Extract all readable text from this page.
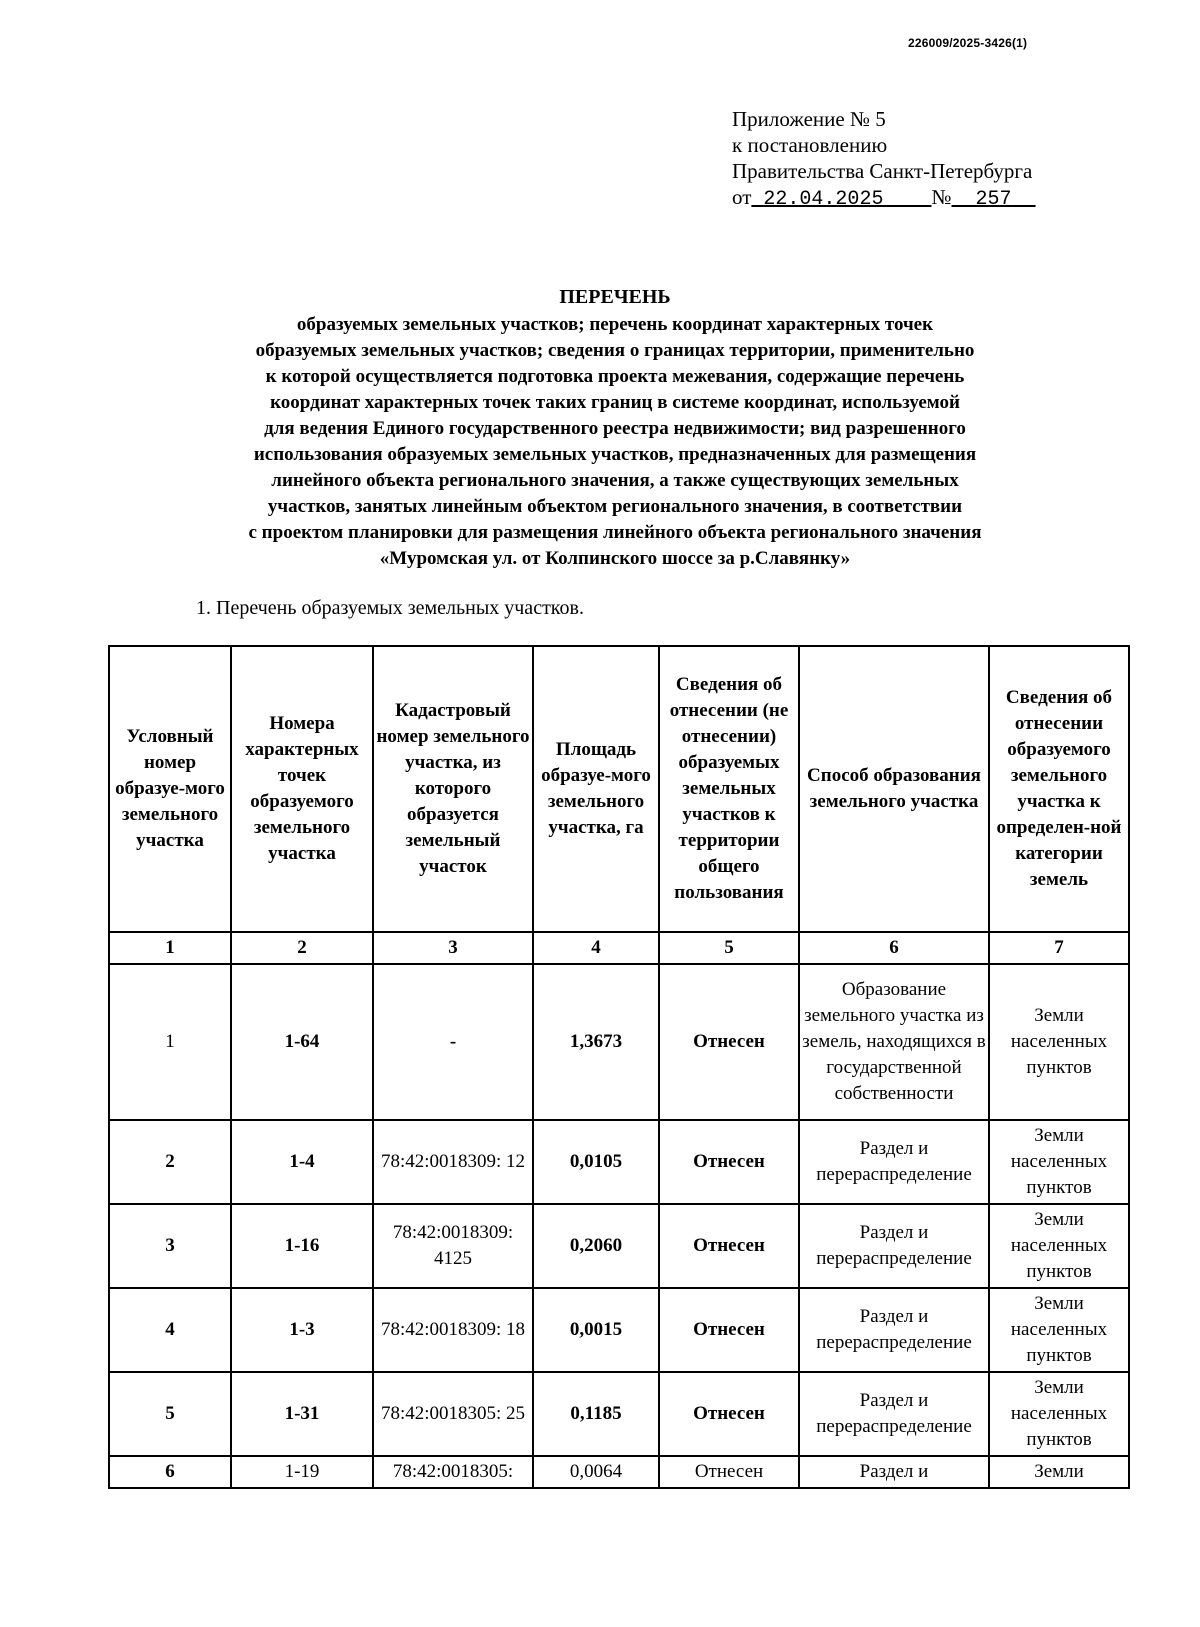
226009/2025-3426(1)
Приложение № 5
к постановлению
Правительства Санкт-Петербурга
от 22.04.2025 № 257
ПЕРЕЧЕНЬ
образуемых земельных участков; перечень координат характерных точек
образуемых земельных участков; сведения о границах территории, применительно
к которой осуществляется подготовка проекта межевания, содержащие перечень
координат характерных точек таких границ в системе координат, используемой
для ведения Единого государственного реестра недвижимости; вид разрешенного
использования образуемых земельных участков, предназначенных для размещения
линейного объекта регионального значения, а также существующих земельных
участков, занятых линейным объектом регионального значения, в соответствии
с проектом планировки для размещения линейного объекта регионального значения
«Муромская ул. от Колпинского шоссе за р.Славянку»
1. Перечень образуемых земельных участков.
Условный номер образуе-мого земельного участка	Номера характерных точек образуемого земельного участка	Кадастровый номер земельного участка, из которого образуется земельный участок	Площадь образуе-мого земельного участка, га	Сведения об отнесении (не отнесении) образуемых земельных участков к территории общего пользования	Способ образования земельного участка	Сведения об отнесении образуемого земельного участка к определен-ной категории земель
1	2	3	4	5	6	7
1	1-64	-	1,3673	Отнесен	Образование земельного участка из земель, находящихся в государственной собственности	Земли населенных пунктов
2	1-4	78:42:0018309: 12	0,0105	Отнесен	Раздел и перераспределение	Земли населенных пунктов
3	1-16	78:42:0018309: 4125	0,2060	Отнесен	Раздел и перераспределение	Земли населенных пунктов
4	1-3	78:42:0018309: 18	0,0015	Отнесен	Раздел и перераспределение	Земли населенных пунктов
5	1-31	78:42:0018305: 25	0,1185	Отнесен	Раздел и перераспределение	Земли населенных пунктов
6	1-19	78:42:0018305:	0,0064	Отнесен	Раздел и	Земли
